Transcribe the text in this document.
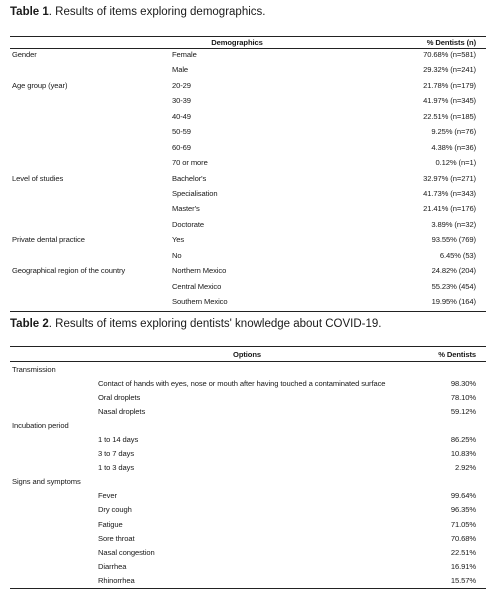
Table 1. Results of items exploring demographics.
Demographics		% Dentists (n)
Gender	Female	70.68% (n=581)
	Male	29.32% (n=241)
Age group (year)	20-29	21.78% (n=179)
	30-39	41.97% (n=345)
	40-49	22.51% (n=185)
	50-59	9.25% (n=76)
	60-69	4.38% (n=36)
	70 or more	0.12% (n=1)
Level of studies	Bachelor's	32.97% (n=271)
	Specialisation	41.73% (n=343)
	Master's	21.41% (n=176)
	Doctorate	3.89% (n=32)
Private dental practice	Yes	93.55% (769)
	No	6.45% (53)
Geographical region of the country	Northern Mexico	24.82% (204)
	Central Mexico	55.23% (454)
	Southern Mexico	19.95% (164)
Table 2. Results of items exploring dentists' knowledge about COVID-19.
Options		% Dentists
Transmission		
	Contact of hands with eyes, nose or mouth after having touched a contaminated surface	98.30%
	Oral droplets	78.10%
	Nasal droplets	59.12%
Incubation period		
	1 to 14 days	86.25%
	3 to 7 days	10.83%
	1 to 3 days	2.92%
Signs and symptoms		
	Fever	99.64%
	Dry cough	96.35%
	Fatigue	71.05%
	Sore throat	70.68%
	Nasal congestion	22.51%
	Diarrhea	16.91%
	Rhinorrhea	15.57%
